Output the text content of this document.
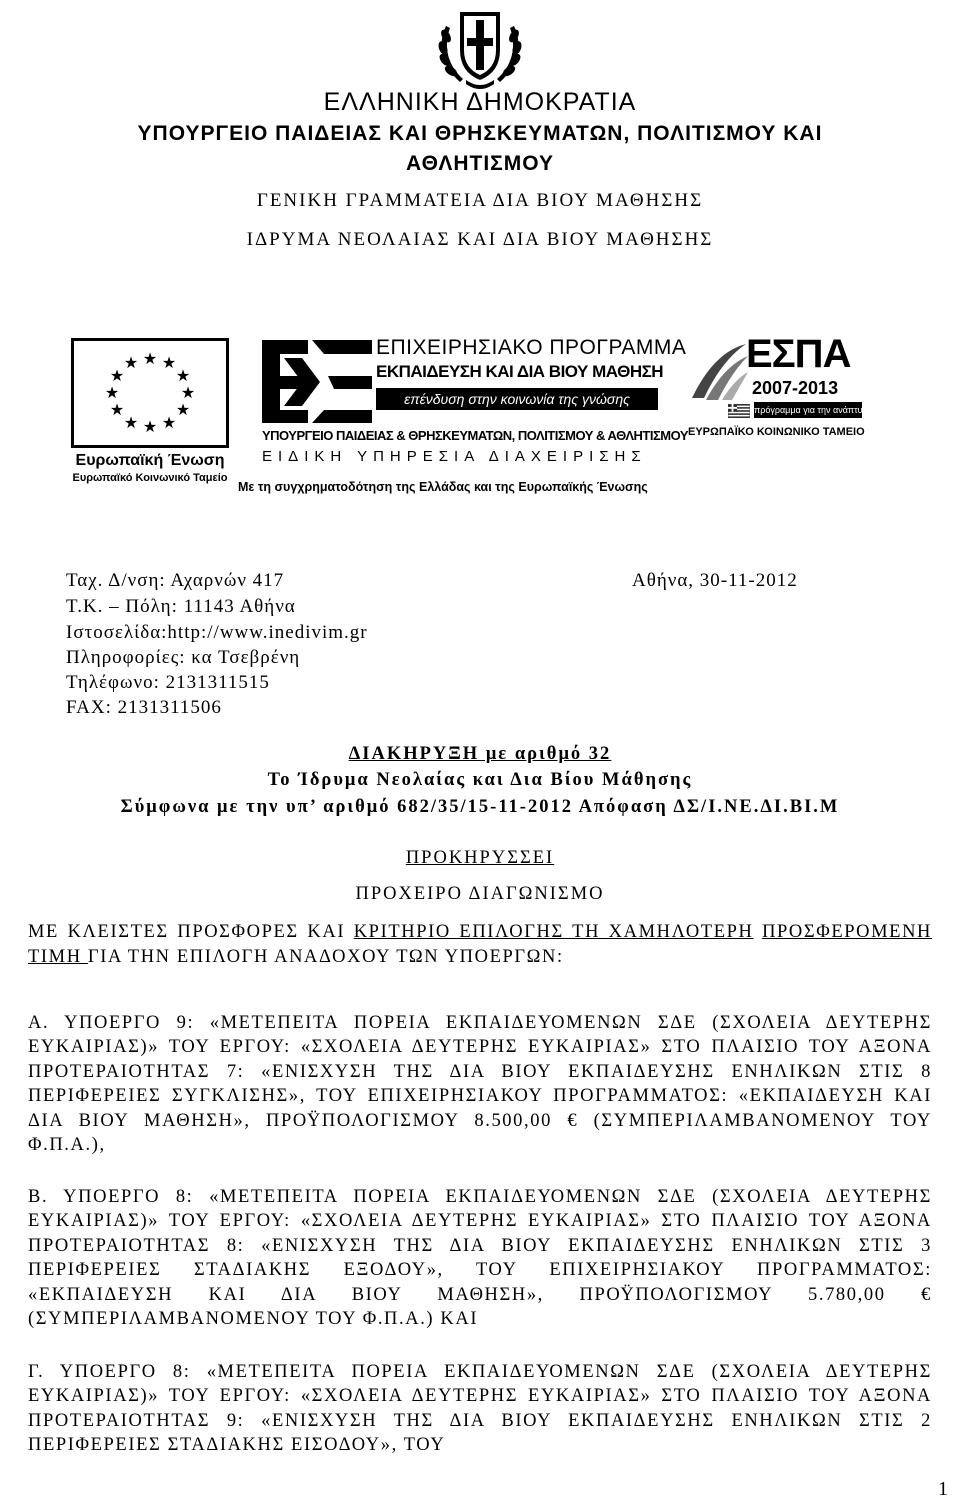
ΕΛΛΗΝΙΚΗ ΔΗΜΟΚΡΑΤΙΑ
ΥΠΟΥΡΓΕΙΟ ΠΑΙΔΕΙΑΣ ΚΑΙ ΘΡΗΣΚΕΥΜΑΤΩΝ, ΠΟΛΙΤΙΣΜΟΥ ΚΑΙ
ΑΘΛΗΤΙΣΜΟΥ
ΓΕΝΙΚΗ ΓΡΑΜΜΑΤΕΙΑ ΔΙΑ ΒΙΟΥ ΜΑΘΗΣΗΣ
ΙΔΡΥΜΑ ΝΕΟΛΑΙΑΣ ΚΑΙ ΔΙΑ ΒΙΟΥ ΜΑΘΗΣΗΣ
★ ★
★
★
★
★
★
★
★
★
★
★
Ευρωπαϊκή Ένωση
Ευρωπαϊκό Κοινωνικό Ταμείο
ΕΠΙΧΕΙΡΗΣΙΑΚΟ ΠΡΟΓΡΑΜΜΑ
ΕΚΠΑΙΔΕΥΣΗ ΚΑΙ ΔΙΑ ΒΙΟΥ ΜΑΘΗΣΗ
επένδυση στην κοινωνία της γνώσης
ΥΠΟΥΡΓΕΙΟ ΠΑΙΔΕΙΑΣ & ΘΡΗΣΚΕΥΜΑΤΩΝ, ΠΟΛΙΤΙΣΜΟΥ & ΑΘΛΗΤΙΣΜΟΥ
ΕΙΔΙΚΗ ΥΠΗΡΕΣΙΑ ΔΙΑΧΕΙΡΙΣΗΣ
Με τη συγχρηματοδότηση της Ελλάδας και της Ευρωπαϊκής Ένωσης
ΕΣΠΑ
2007-2013
πρόγραμμα για την ανάπτυξη
ΕΥΡΩΠΑΪΚΟ ΚΟΙΝΩΝΙΚΟ ΤΑΜΕΙΟ
Ταχ. Δ/νση: Αχαρνών 417
Τ.Κ. – Πόλη: 11143 Αθήνα
Ιστοσελίδα:http://www.inedivim.gr
Πληροφορίες: κα Τσεβρένη
Τηλέφωνο: 2131311515
FAX: 2131311506
Αθήνα, 30-11-2012
ΔΙΑΚΗΡΥΞΗ με αριθμό 32
Το Ίδρυμα Νεολαίας και Δια Βίου Μάθησης
Σύμφωνα με την υπ’ αριθμό 682/35/15-11-2012 Απόφαση ΔΣ/Ι.ΝΕ.ΔΙ.ΒΙ.Μ
ΠΡΟΚΗΡΥΣΣΕΙ
ΠΡΟΧΕΙΡΟ ΔΙΑΓΩΝΙΣΜΟ
ΜΕ ΚΛΕΙΣΤΕΣ ΠΡΟΣΦΟΡΕΣ ΚΑΙ ΚΡΙΤΗΡΙΟ ΕΠΙΛΟΓΗΣ ΤΗ ΧΑΜΗΛΟΤΕΡΗ ΠΡΟΣΦΕΡΟΜΕΝΗ ΤΙΜΗ ΓΙΑ ΤΗΝ ΕΠΙΛΟΓΗ ΑΝΑΔΟΧΟΥ ΤΩΝ ΥΠΟΕΡΓΩΝ:
Α. ΥΠΟΕΡΓΟ 9: «ΜΕΤΕΠΕΙΤΑ ΠΟΡΕΙΑ ΕΚΠΑΙΔΕΥΟΜΕΝΩΝ ΣΔΕ (ΣΧΟΛΕΙΑ ΔΕΥΤΕΡΗΣ ΕΥΚΑΙΡΙΑΣ)» ΤΟΥ ΕΡΓΟΥ: «ΣΧΟΛΕΙΑ ΔΕΥΤΕΡΗΣ ΕΥΚΑΙΡΙΑΣ» ΣΤΟ ΠΛΑΙΣΙΟ ΤΟΥ ΑΞΟΝΑ ΠΡΟΤΕΡΑΙΟΤΗΤΑΣ 7: «ΕΝΙΣΧΥΣΗ ΤΗΣ ΔΙΑ ΒΙΟΥ ΕΚΠΑΙΔΕΥΣΗΣ ΕΝΗΛΙΚΩΝ ΣΤΙΣ 8 ΠΕΡΙΦΕΡΕΙΕΣ ΣΥΓΚΛΙΣΗΣ», ΤΟΥ ΕΠΙΧΕΙΡΗΣΙΑΚΟΥ ΠΡΟΓΡΑΜΜΑΤΟΣ: «ΕΚΠΑΙΔΕΥΣΗ ΚΑΙ ΔΙΑ ΒΙΟΥ ΜΑΘΗΣΗ», ΠΡΟΫΠΟΛΟΓΙΣΜΟΥ 8.500,00 € (ΣΥΜΠΕΡΙΛΑΜΒΑΝΟΜΕΝΟΥ ΤΟΥ Φ.Π.Α.),
Β. ΥΠΟΕΡΓΟ 8: «ΜΕΤΕΠΕΙΤΑ ΠΟΡΕΙΑ ΕΚΠΑΙΔΕΥΟΜΕΝΩΝ ΣΔΕ (ΣΧΟΛΕΙΑ ΔΕΥΤΕΡΗΣ ΕΥΚΑΙΡΙΑΣ)» ΤΟΥ ΕΡΓΟΥ: «ΣΧΟΛΕΙΑ ΔΕΥΤΕΡΗΣ ΕΥΚΑΙΡΙΑΣ» ΣΤΟ ΠΛΑΙΣΙΟ ΤΟΥ ΑΞΟΝΑ ΠΡΟΤΕΡΑΙΟΤΗΤΑΣ 8: «ΕΝΙΣΧΥΣΗ ΤΗΣ ΔΙΑ ΒΙΟΥ ΕΚΠΑΙΔΕΥΣΗΣ ΕΝΗΛΙΚΩΝ ΣΤΙΣ 3 ΠΕΡΙΦΕΡΕΙΕΣ ΣΤΑΔΙΑΚΗΣ ΕΞΟΔΟΥ», ΤΟΥ ΕΠΙΧΕΙΡΗΣΙΑΚΟΥ ΠΡΟΓΡΑΜΜΑΤΟΣ: «ΕΚΠΑΙΔΕΥΣΗ ΚΑΙ ΔΙΑ ΒΙΟΥ ΜΑΘΗΣΗ», ΠΡΟΫΠΟΛΟΓΙΣΜΟΥ 5.780,00 € (ΣΥΜΠΕΡΙΛΑΜΒΑΝΟΜΕΝΟΥ ΤΟΥ Φ.Π.Α.) ΚΑΙ
Γ. ΥΠΟΕΡΓΟ 8: «ΜΕΤΕΠΕΙΤΑ ΠΟΡΕΙΑ ΕΚΠΑΙΔΕΥΟΜΕΝΩΝ ΣΔΕ (ΣΧΟΛΕΙΑ ΔΕΥΤΕΡΗΣ ΕΥΚΑΙΡΙΑΣ)» ΤΟΥ ΕΡΓΟΥ: «ΣΧΟΛΕΙΑ ΔΕΥΤΕΡΗΣ ΕΥΚΑΙΡΙΑΣ» ΣΤΟ ΠΛΑΙΣΙΟ ΤΟΥ ΑΞΟΝΑ ΠΡΟΤΕΡΑΙΟΤΗΤΑΣ 9: «ΕΝΙΣΧΥΣΗ ΤΗΣ ΔΙΑ ΒΙΟΥ ΕΚΠΑΙΔΕΥΣΗΣ ΕΝΗΛΙΚΩΝ ΣΤΙΣ 2 ΠΕΡΙΦΕΡΕΙΕΣ ΣΤΑΔΙΑΚΗΣ ΕΙΣΟΔΟΥ», ΤΟΥ
1
